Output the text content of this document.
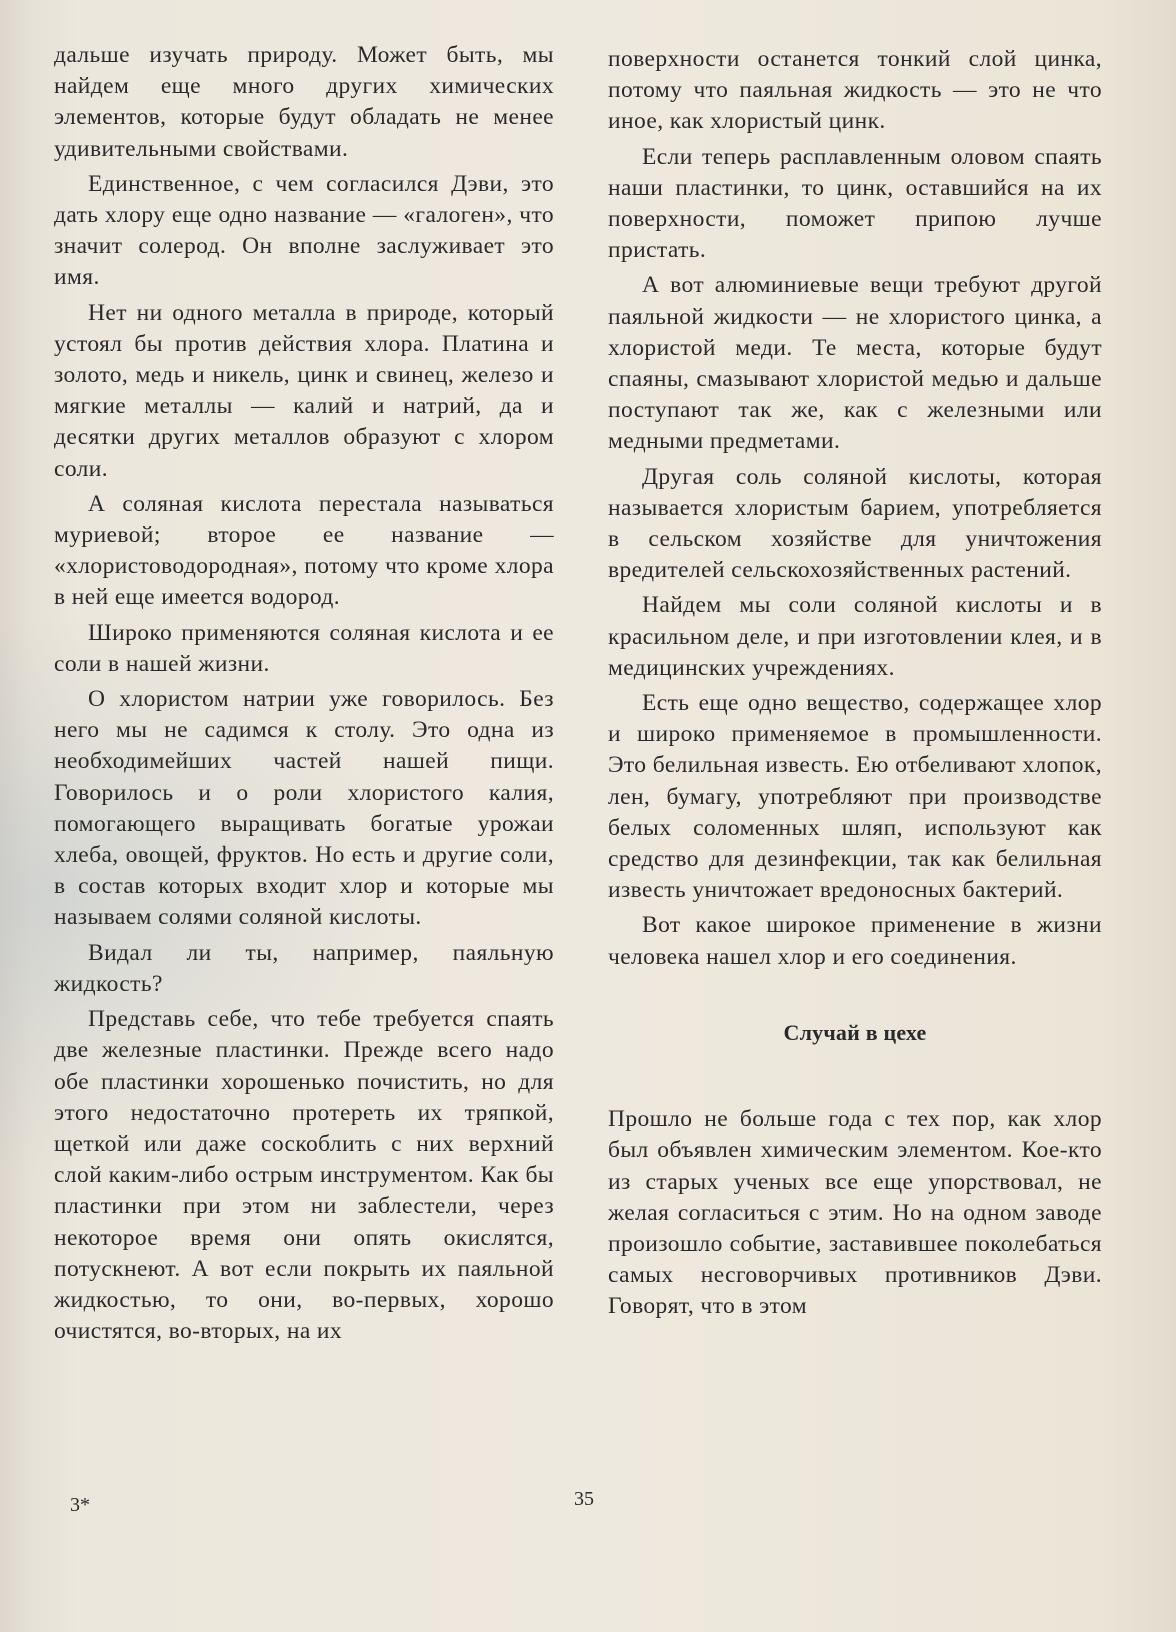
дальше изучать природу. Может быть, мы найдем еще много других химических элементов, которые будут обладать не менее удивительными свойствами.

Единственное, с чем согласился Дэви, это дать хлору еще одно название — «галоген», что значит солерод. Он вполне заслуживает это имя.

Нет ни одного металла в природе, который устоял бы против действия хлора. Платина и золото, медь и никель, цинк и свинец, железо и мягкие металлы — калий и натрий, да и десятки других металлов образуют с хлором соли.

А соляная кислота перестала называться муриевой; второе ее название — «хлористоводородная», потому что кроме хлора в ней еще имеется водород.

Широко применяются соляная кислота и ее соли в нашей жизни.

О хлористом натрии уже говорилось. Без него мы не садимся к столу. Это одна из необходимейших частей нашей пищи. Говорилось и о роли хлористого калия, помогающего выращивать богатые урожаи хлеба, овощей, фруктов. Но есть и другие соли, в состав которых входит хлор и которые мы называем солями соляной кислоты.

Видал ли ты, например, паяльную жидкость?

Представь себе, что тебе требуется спаять две железные пластинки. Прежде всего надо обе пластинки хорошенько почистить, но для этого недостаточно протереть их тряпкой, щеткой или даже соскоблить с них верхний слой каким-либо острым инструментом. Как бы пластинки при этом ни заблестели, через некоторое время они опять окислятся, потускнеют. А вот если покрыть их паяльной жидкостью, то они, во-первых, хорошо очистятся, во-вторых, на их

поверхности останется тонкий слой цинка, потому что паяльная жидкость — это не что иное, как хлористый цинк.

Если теперь расплавленным оловом спаять наши пластинки, то цинк, оставшийся на их поверхности, поможет припою лучше пристать.

А вот алюминиевые вещи требуют другой паяльной жидкости — не хлористого цинка, а хлористой меди. Те места, которые будут спаяны, смазывают хлористой медью и дальше поступают так же, как с железными или медными предметами.

Другая соль соляной кислоты, которая называется хлористым барием, употребляется в сельском хозяйстве для уничтожения вредителей сельскохозяйственных растений.

Найдем мы соли соляной кислоты и в красильном деле, и при изготовлении клея, и в медицинских учреждениях.

Есть еще одно вещество, содержащее хлор и широко применяемое в промышленности. Это белильная известь. Ею отбеливают хлопок, лен, бумагу, употребляют при производстве белых соломенных шляп, используют как средство для дезинфекции, так как белильная известь уничтожает вредоносных бактерий.

Вот какое широкое применение в жизни человека нашел хлор и его соединения.

Случай в цехе

Прошло не больше года с тех пор, как хлор был объявлен химическим элементом. Кое-кто из старых ученых все еще упорствовал, не желая согласиться с этим. Но на одном заводе произошло событие, заставившее поколебаться самых несговорчивых противников Дэви. Говорят, что в этом

3*	35
